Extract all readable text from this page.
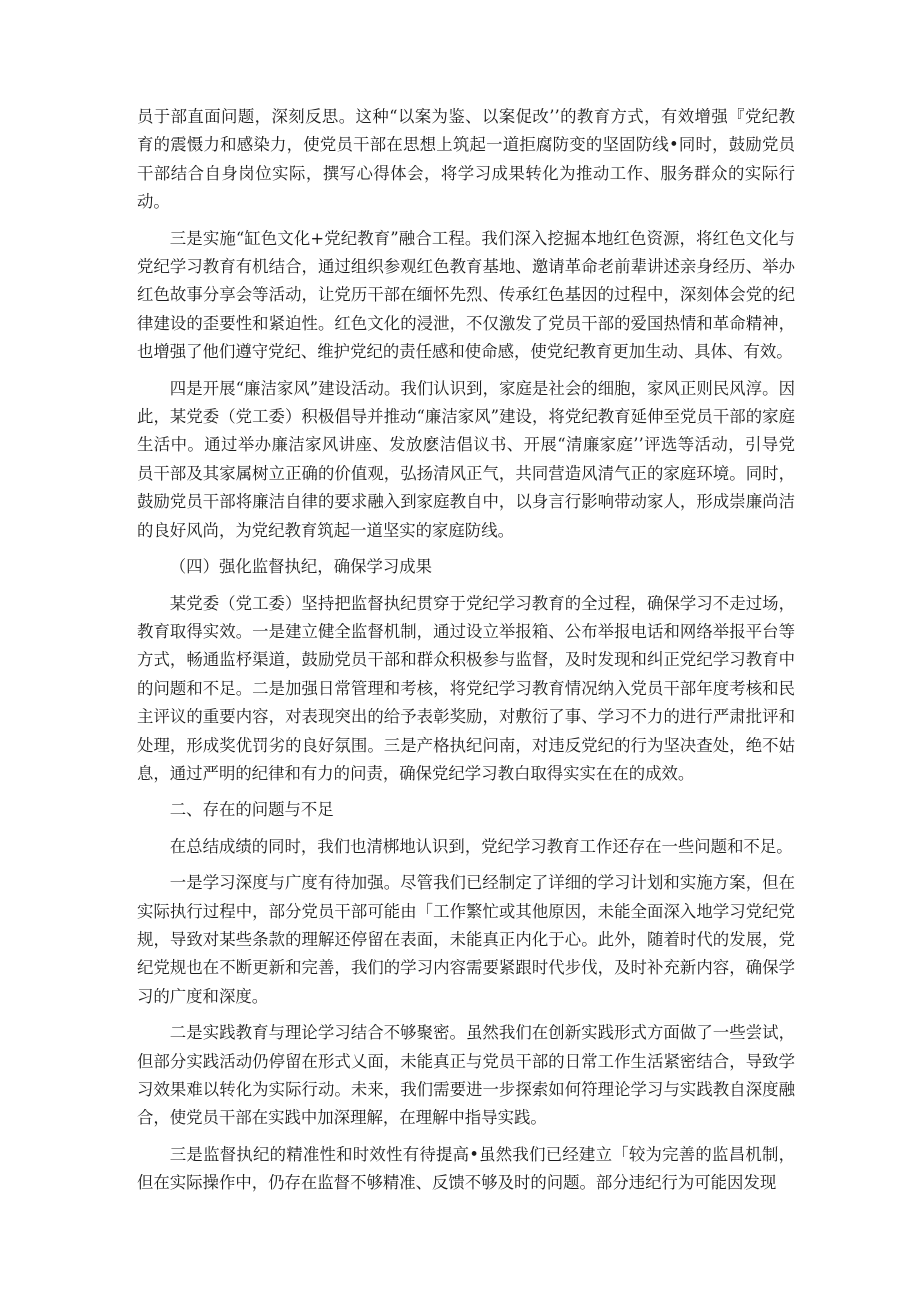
员于部直面问题，深刻反思。这种“以案为鉴、以案促改’’的教育方式，有效增强『党纪教育的震慑力和感染力，使党员干部在思想上筑起一道拒腐防变的坚固防线•同时，鼓励党员干部结合自身岗位实际，撰写心得体会，将学习成果转化为推动工作、服务群众的实际行动。

三是实施“缸色文化+党纪教育”融合工程。我们深入挖掘本地红色资源，将红色文化与党纪学习教育有机结合，通过组织参观红色教育基地、邀请革命老前辈讲述亲身经历、举办红色故事分享会等活动，让党历干部在缅怀先烈、传承红色基因的过程中，深刻体会党的纪律建设的歪要性和紧迫性。红色文化的浸泄，不仅激发了党员干部的爱国热情和革命精神，也增强了他们遵守党纪、维护党纪的责任感和使命感，使党纪教育更加生动、具体、有效。

四是开展“廉洁家风”建设活动。我们认识到，家庭是社会的细胞，家风正则民风淳。因此，某党委（党工委）积极倡导并推动“廉洁家风”建设，将党纪教育延伸至党员干部的家庭生活中。通过举办廉洁家风讲座、发放麽洁倡议书、开展“清廉家庭’’评选等活动，引导党员干部及其家属树立正确的价值观，弘扬清风正气，共同营造风清气正的家庭环境。同时，鼓励党员干部将廉洁自律的要求融入到家庭教自中，以身言行影响带动家人，形成崇廉尚洁的良好风尚，为党纪教育筑起一道坚实的家庭防线。

（四）强化监督执纪，确保学习成果

某党委（党工委）坚持把监督执纪贯穿于党纪学习教育的全过程，确保学习不走过场，教育取得实效。一是建立健全监督机制，通过设立举报箱、公布举报电话和网络举报平台等方式，畅通监杼渠道，鼓励党员干部和群众积极参与监督，及时发现和纠正党纪学习教育中的问题和不足。二是加强日常管理和考核，将党纪学习教育情况纳入党员干部年度考核和民主评议的重要内容，对表现突出的给予表彰奖励，对敷衍了事、学习不力的进行严肃批评和处理，形成奖优罚劣的良好氛围。三是产格执纪问南，对违反党纪的行为坚决查处，绝不姑息，通过严明的纪律和有力的问责，确保党纪学习教白取得实实在在的成效。

二、存在的问题与不足

在总结成绩的同时，我们也清梆地认识到，党纪学习教育工作还存在一些问题和不足。

一是学习深度与广度有待加强。尽管我们已经制定了详细的学习计划和实施方案，但在实际执行过程中，部分党员干部可能由「工作繁忙或其他原因，未能全面深入地学习党纪党规，导致对某些条款的理解还停留在表面，未能真正内化于心。此外，随着时代的发展，党纪党规也在不断更新和完善，我们的学习内容需要紧跟时代步伐，及时补充新内容，确保学习的广度和深度。

二是实践教育与理论学习结合不够聚密。虽然我们在创新实践形式方面做了一些尝试，但部分实践活动仍停留在形式乂面，未能真正与党员干部的日常工作生活紧密结合，导致学习效果难以转化为实际行动。未来，我们需要进一步探索如何符理论学习与实践教自深度融合，使党员干部在实践中加深理解，在理解中指导实践。

三是监督执纪的精准性和时效性有待提高•虽然我们已经建立「较为完善的监昌机制，但在实际操作中，仍存在监督不够精准、反馈不够及时的问题。部分违纪行为可能因发现
